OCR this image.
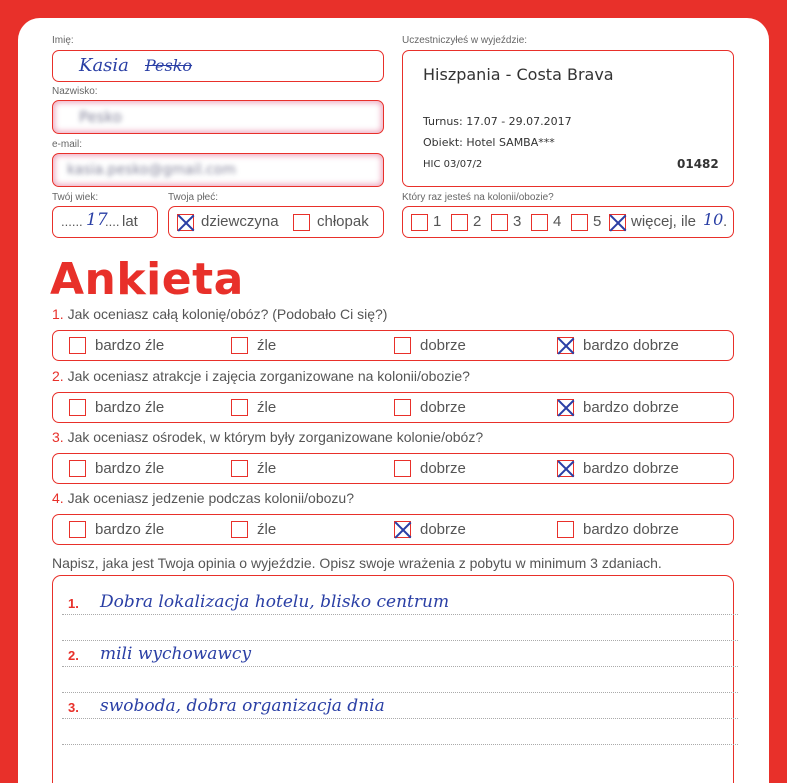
Imię:
Kasia Pesko
Nazwisko:
Pesko
e-mail:
kasia.pesko@gmail.com
Uczestniczyłeś w wyjeździe:
Hiszpania - Costa Brava
Turnus: 17.07 - 29.07.2017
Obiekt: Hotel SAMBA***
HIC 03/07/2	01482
Twój wiek:
...... 17
.... lat
Twoja płeć:
dziewczyna	chłopak
Który raz jesteś na kolonii/obozie?
1 2 3 4 5 więcej, ile 10 .
Ankieta
1. Jak oceniasz całą kolonię/obóz? (Podobało Ci się?)
bardzo źle	źle	dobrze	bardzo dobrze
2. Jak oceniasz atrakcje i zajęcia zorganizowane na kolonii/obozie?
bardzo źle	źle	dobrze	bardzo dobrze
3. Jak oceniasz ośrodek, w którym były zorganizowane kolonie/obóz?
bardzo źle	źle	dobrze	bardzo dobrze
4. Jak oceniasz jedzenie podczas kolonii/obozu?
bardzo źle	źle	dobrze	bardzo dobrze
Napisz, jaka jest Twoja opinia o wyjeździe. Opisz swoje wrażenia z pobytu w minimum 3 zdaniach.
1. Dobra lokalizacja hotelu, blisko centrum
2. mili wychowawcy
3. swoboda, dobra organizacja dnia
